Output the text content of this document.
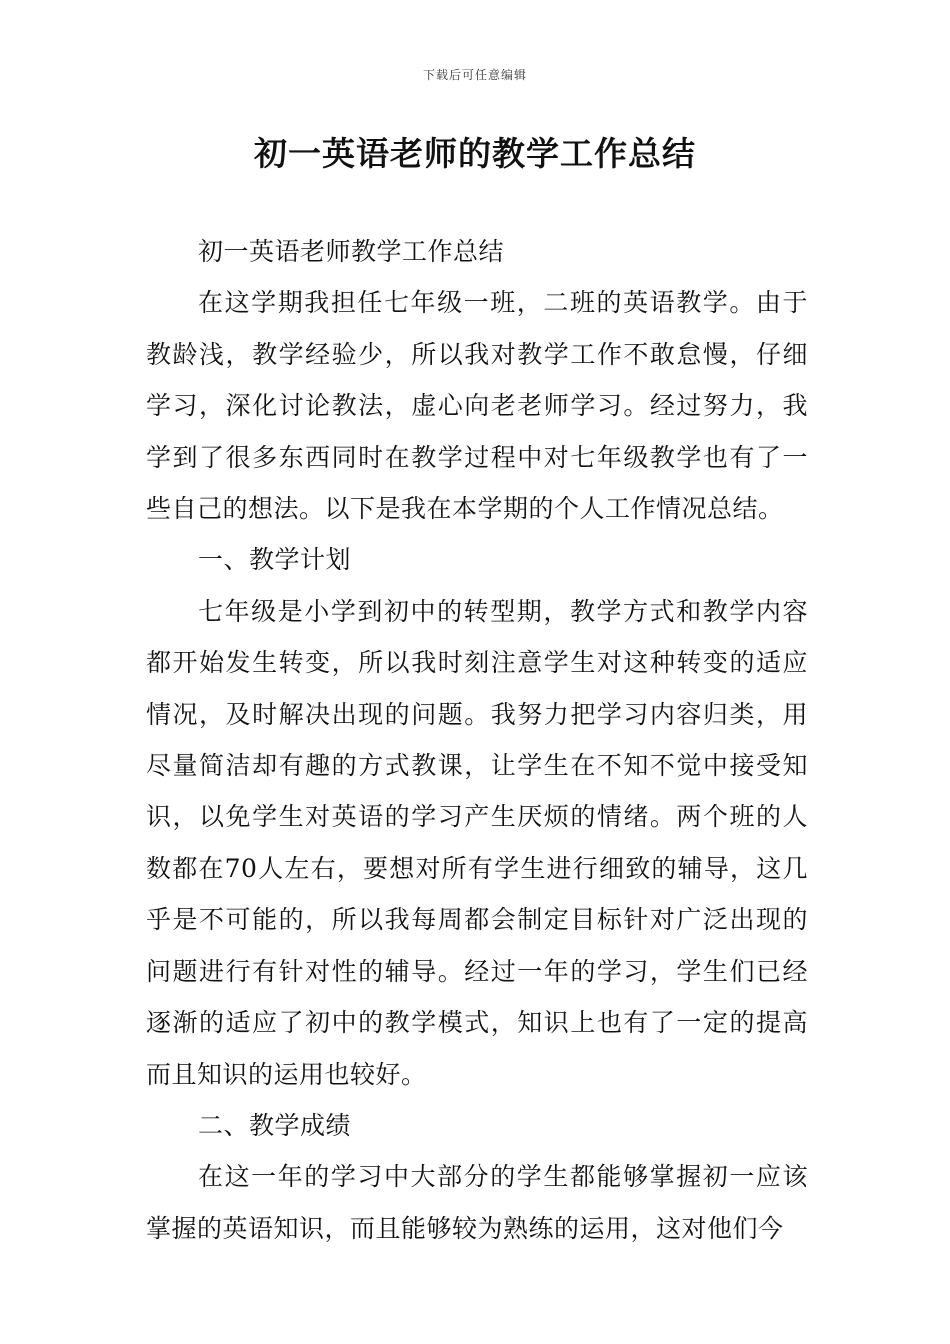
下载后可任意编辑
初一英语老师的教学工作总结

初一英语老师教学工作总结

在这学期我担任七年级一班，二班的英语教学。由于教龄浅，教学经验少，所以我对教学工作不敢怠慢，仔细学习，深化讨论教法，虚心向老老师学习。经过努力，我学到了很多东西同时在教学过程中对七年级教学也有了一些自己的想法。以下是我在本学期的个人工作情况总结。

一、教学计划

七年级是小学到初中的转型期，教学方式和教学内容都开始发生转变，所以我时刻注意学生对这种转变的适应情况，及时解决出现的问题。我努力把学习内容归类，用尽量简洁却有趣的方式教课，让学生在不知不觉中接受知识，以免学生对英语的学习产生厌烦的情绪。两个班的人数都在70人左右，要想对所有学生进行细致的辅导，这几乎是不可能的，所以我每周都会制定目标针对广泛出现的问题进行有针对性的辅导。经过一年的学习，学生们已经逐渐的适应了初中的教学模式，知识上也有了一定的提高而且知识的运用也较好。

二、教学成绩

在这一年的学习中大部分的学生都能够掌握初一应该掌握的英语知识，而且能够较为熟练的运用，这对他们今
